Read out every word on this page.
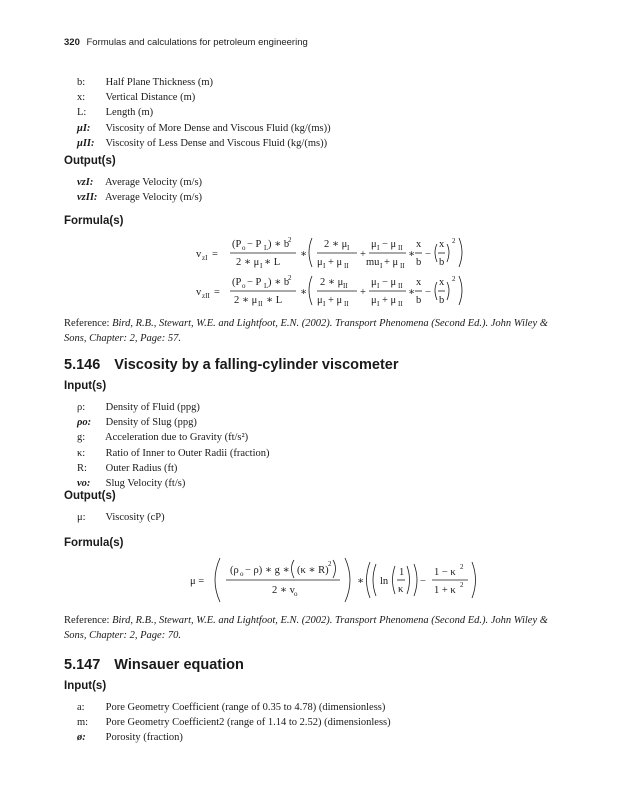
320 Formulas and calculations for petroleum engineering
b: Half Plane Thickness (m)
x: Vertical Distance (m)
L: Length (m)
μI: Viscosity of More Dense and Viscous Fluid (kg/(ms))
μII: Viscosity of Less Dense and Viscous Fluid (kg/(ms))
Output(s)
vzI: Average Velocity (m/s)
vzII: Average Velocity (m/s)
Formula(s)
v zI =
(P o − P L ) ∗ b
2
2 ∗ μ I ∗ L
∗
2 ∗ μ I
μ I + μ II
+
μ I − μ II
mu I + μ II
∗
x
b
−
x
b
2
v zII =
(P o − P L ) ∗ b
2
2 ∗ μ II ∗ L
∗
2 ∗ μ II
μ I + μ II
+
μ I − μ II
μ I + μ II
∗
x
b
−
x
b
2
Reference: Bird, R.B., Stewart, W.E. and Lightfoot, E.N. (2002). Transport Phenomena (Second Ed.). John Wiley & Sons, Chapter: 2, Page: 57.
5.146 Viscosity by a falling-cylinder viscometer
Input(s)
ρ: Density of Fluid (ppg)
ρo: Density of Slug (ppg)
g: Acceleration due to Gravity (ft/s²)
κ: Ratio of Inner to Outer Radii (fraction)
R: Outer Radius (ft)
vo: Slug Velocity (ft/s)
Output(s)
μ: Viscosity (cP)
Formula(s)
μ =
(ρ o − ρ) ∗ g ∗ (κ ∗ R)
2
2 ∗ v o
∗ ln
1
κ
−
1 − κ 2
1 + κ 2
Reference: Bird, R.B., Stewart, W.E. and Lightfoot, E.N. (2002). Transport Phenomena (Second Ed.). John Wiley & Sons, Chapter: 2, Page: 70.
5.147 Winsauer equation
Input(s)
a: Pore Geometry Coefficient (range of 0.35 to 4.78) (dimensionless)
m: Pore Geometry Coefficient2 (range of 1.14 to 2.52) (dimensionless)
ø: Porosity (fraction)
